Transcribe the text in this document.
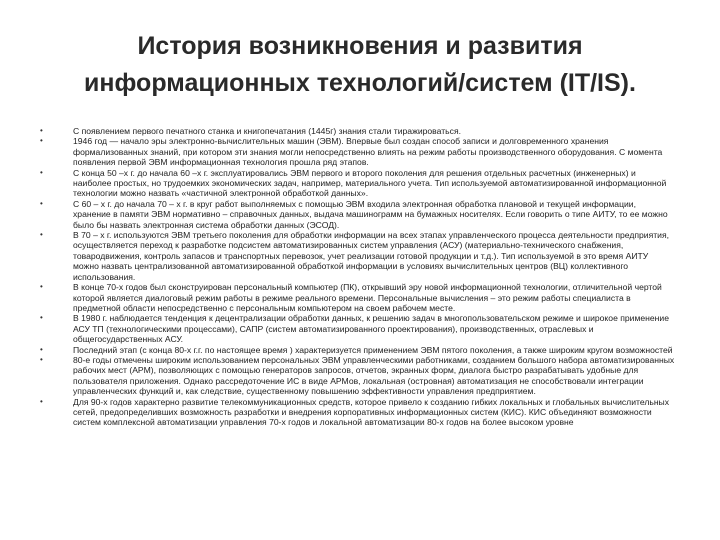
История возникновения и развития
информационных технологий/систем (IT/IS).
•	С появлением первого печатного станка и книгопечатания (1445г) знания стали тиражироваться.
•	1946 год — начало эры электронно-вычислительных машин (ЭВМ). Впервые был создан способ записи и долговременного хранения формализованных знаний, при котором эти знания могли непосредственно влиять на режим работы производственного оборудования. С момента появления первой ЭВМ информационная технология прошла ряд этапов.
•	С конца 50 –х г. до начала 60 –х г. эксплуатировались ЭВМ первого и второго поколения для решения отдельных расчетных (инженерных) и наиболее простых, но трудоемких экономических задач, например, материального учета. Тип используемой автоматизированной информационной технологии можно назвать «частичной электронной обработкой данных».
•	С 60 – х г. до начала 70 – х г. в круг работ выполняемых с помощью ЭВМ входила электронная обработка плановой и текущей информации, хранение в памяти ЭВМ нормативно – справочных данных, выдача машинограмм на бумажных носителях. Если говорить о типе АИТУ, то ее можно было бы назвать электронная система обработки данных (ЭСОД).
•	В 70 – х г. используются ЭВМ третьего поколения для обработки информации на всех этапах управленческого процесса деятельности предприятия, осуществляется переход к разработке подсистем автоматизированных систем управления (АСУ) (материально-технического снабжения, товародвижения, контроль запасов и транспортных перевозок, учет реализации готовой продукции и т.д.). Тип используемой в это время АИТУ можно назвать централизованной автоматизированной обработкой информации в условиях вычислительных центров (ВЦ) коллективного использования.
•	В конце 70-х годов был сконструирован персональный компьютер (ПК), открывший эру новой информационной технологии, отличительной чертой которой является диалоговый режим работы в режиме реального времени. Персональные вычисления – это режим работы специалиста в предметной области непосредственно с персональным компьютером на своем рабочем месте.
•	В 1980 г. наблюдается тенденция к децентрализации обработки данных, к решению задач в многопользовательском режиме и широкое применение АСУ ТП (технологическими процессами), САПР (систем автоматизированного проектирования), производственных, отраслевых и общегосударственных АСУ.
•	Последний этап (с конца 80-х г.г. по настоящее время ) характеризуется применением ЭВМ пятого поколения, а также широким кругом возможностей
•	80-е годы отмечены широким использованием персональных ЭВМ управленческими работниками, созданием большого набора автоматизированных рабочих мест (АРМ), позволяющих с помощью генераторов запросов, отчетов, экранных форм, диалога быстро разрабатывать удобные для пользователя приложения. Однако рассредоточение ИС в виде АРМов, локальная (островная) автоматизация не способствовали интеграции управленческих функций и, как следствие, существенному повышению эффективности управления предприятием.
•	Для 90-х годов характерно развитие телекоммуникационных средств, которое привело к созданию гибких локальных и глобальных вычислительных сетей, предопределивших возможность разработки и внедрения корпоративных информационных систем (КИС). КИС объединяют возможности систем комплексной автоматизации управления 70-х годов и локальной автоматизации 80-х годов на более высоком уровне
